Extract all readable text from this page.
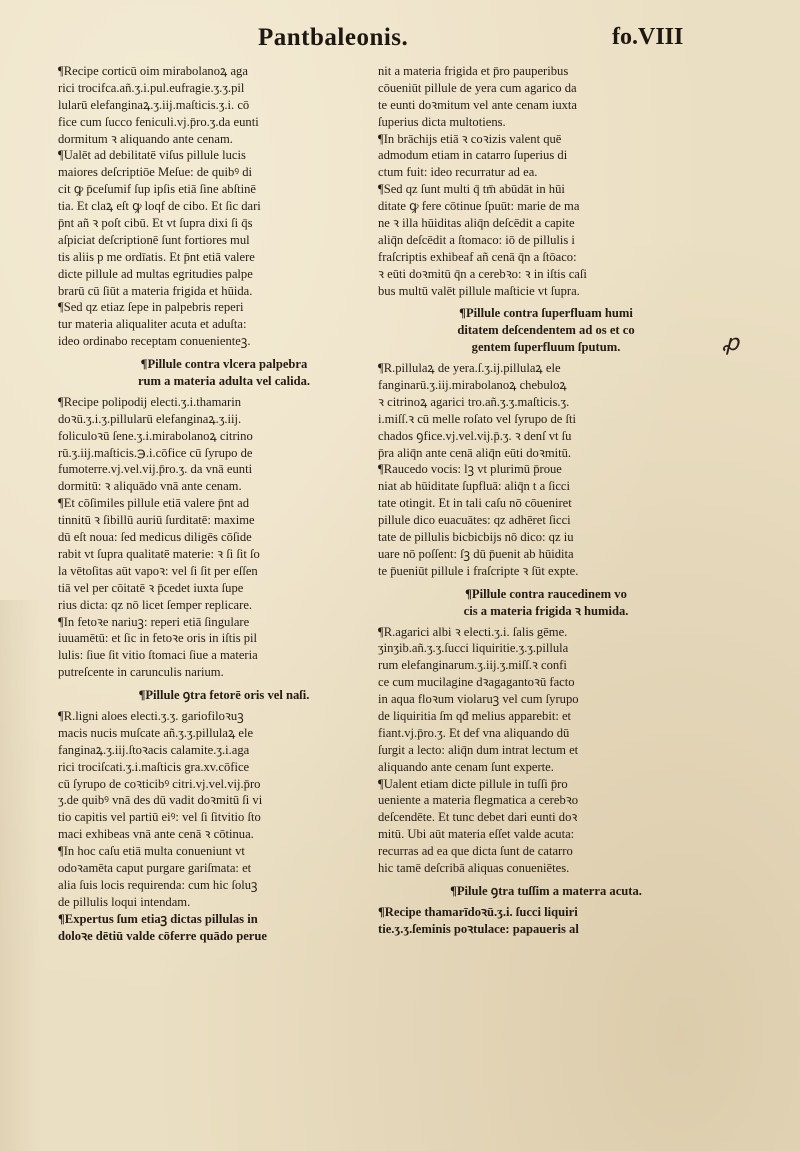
Pantbaleonis.	fo.VIII
ꝓ
¶Recipe corticū oim mirabolanoꝝ aga
rici trocifca.añ.ʒ.i.pul.eufragie.ʒ.ʒ.pil
lularū elefanginaꝝ.ʒ.iij.maſticis.ʒ.i. cō
fice cum ſucco feniculi.vj.p̄ro.ʒ.da eunti
dormitum ꝛ aliquando ante cenam.
¶Ualēt ad debilitatē viſus pillule lucis
maiores deſcriptiōe Meſue: de quibꝰ di
cit ꝙ p̄ceſumif ſup ipſis etiā ſine abſtinē
tia. Et claꝝ eſt ꝙ loqf de cibo. Et ſic dari
p̄nt añ ꝛ poſt cibū. Et vt ſupra dixi ſi q̄s
aſpiciat deſcriptionē ſunt fortiores mul
tis aliis p me ordīatis. Et p̄nt etiā valere
dicte pillule ad multas egritudies palpe
brarū cū ſiūt a materia frigida et hūida.
¶Sed qz etiaz ſepe in palpebris reperi
tur materia aliqualiter acuta et aduſta:
ideo ordinabo receptam conuenienteꝫ.
¶Pillule contra vlcera palpebra
rum a materia adulta vel calida.
¶Recipe polipodij electi.ʒ.i.thamarin
doꝛū.ʒ.i.ʒ.pillularū elefanginaꝝ.ʒ.iij.
foliculoꝛū ſene.ʒ.i.mirabolanoꝝ citrino
rū.ʒ.iij.maſticis.℈.i.cōfice cū ſyrupo de
fumoterre.vj.vel.vij.p̄ro.ʒ. da vnā eunti
dormitū: ꝛ aliquādo vnā ante cenam.
¶Et cōſimiles pillule etiā valere p̄nt ad
tinnitū ꝛ ſibillū auriū ſurditatē: maxime
dū eſt noua: ſed medicus diligēs cōſide
rabit vt ſupra qualitatē materie: ꝛ ſi ſit ſo
la vētoſitas aūt vapoꝛ: vel ſi ſit per eſſen
tiā vel per cōitatē ꝛ p̄cedet iuxta ſupe
rius dicta: qz nō licet ſemper replicare.
¶In fetoꝛe nariuꝫ: reperi etiā ſingulare
iuuamētū: et ſic in fetoꝛe oris in iſtis pil
lulis: ſiue ſit vitio ſtomaci ſiue a materia
putreſcente in carunculis narium.
¶Pillule ꝯtra fetorē oris vel naſi.
¶R.ligni aloes electi.ʒ.ʒ. gariofiloꝛuꝫ
macis nucis muſcate añ.ʒ.ʒ.pillulaꝝ ele
fanginaꝝ.ʒ.iij.ſtoꝛacis calamite.ʒ.i.aga
rici trociſcati.ʒ.i.maſticis gra.xv.cōfice
cū ſyrupo de coꝛticibꝰ citri.vj.vel.vij.p̄ro
ʒ.de quibꝰ vnā des dū vadit doꝛmitū ſi vi
tio capitis vel partiū eiꝰ: vel ſi ſitvitio ſto
maci exhibeas vnā ante cenā ꝛ cōtinua.
¶In hoc caſu etiā multa conueniunt vt
odoꝛamēta caput purgare gariſmata: et
alia ſuis locis requirenda: cum hic ſoluꝫ
de pillulis loqui intendam.
¶Expertus ſum etiaꝫ dictas pillulas in
doloꝛe dētiū valde cōferre quādo perue
nit a materia frigida et p̄ro pauperibus
cōueniūt pillule de yera cum agarico da
te eunti doꝛmitum vel ante cenam iuxta
ſuperius dicta multotiens.
¶In brāchijs etiā ꝛ coꝛizis valent quē
admodum etiam in catarro ſuperius di
ctum fuit: ideo recurratur ad ea.
¶Sed qz ſunt multi q̄ tm̄ abūdāt in hūi
ditate ꝙ fere cōtinue ſpuūt: marie de ma
ne ꝛ illa hūiditas aliq̄n deſcēdit a capite
aliq̄n deſcēdit a ſtomaco: iō de pillulis i
fraſcriptis exhibeaf añ cenā q̄n a ſtōaco:
ꝛ eūti doꝛmitū q̄n a cerebꝛo: ꝛ in iſtis caſi
bus multū valēt pillule maſticie vt ſupra.
¶Pillule contra ſuperfluam humi
ditatem deſcendentem ad os et co
gentem ſuperfluum ſputum.
¶R.pillulaꝝ de yera.ſ.ʒ.ij.pillulaꝝ ele
fanginarū.ʒ.iij.mirabolanoꝝ chebuloꝝ
ꝛ citrinoꝝ agarici tro.añ.ʒ.ʒ.maſticis.ʒ.
i.miſſ.ꝛ cū melle roſato vel ſyrupo de ſti
chados ꝯfice.vj.vel.vij.p̄.ʒ. ꝛ denſ vt ſu
p̄ra aliq̄n ante cenā aliq̄n eūti doꝛmitū.
¶Raucedo vocis: lꝫ vt plurimū p̄roue
niat ab hūiditate ſupfluā: aliq̄n t a ſicci
tate otingit. Et in tali caſu nō cōueniret
pillule dico euacuātes: qz adhēret ſicci
tate de pillulis bicbicbijs nō dico: qz iu
uare nō poſſent: ſꝫ dū p̄uenit ab hūidita
te p̄ueniūt pillule i fraſcripte ꝛ ſūt expte.
¶Pillule contra raucedinem vo
cis a materia frigida ꝛ humida.
¶R.agarici albi ꝛ electi.ʒ.i. ſalis gēme.
ʒinʒib.añ.ʒ.ʒ.ſucci liquiritie.ʒ.ʒ.pillula
rum elefanginarum.ʒ.iij.ʒ.miſſ.ꝛ confi
ce cum mucilagine dꝛagagantoꝛū facto
in aqua floꝛum violaruꝫ vel cum ſyrupo
de liquiritia ſm qđ melius apparebit: et
fiant.vj.p̄ro.ʒ. Et def vna aliquando dū
ſurgit a lecto: aliq̄n dum intrat lectum et
aliquando ante cenam ſunt experte.
¶Ualent etiam dicte pillule in tuſſi p̄ro
ueniente a materia flegmatica a cerebꝛo
deſcendēte. Et tunc debet dari eunti doꝛ
mitū. Ubi aūt materia eſſet valde acuta:
recurras ad ea que dicta ſunt de catarro
hic tamē deſcribā aliquas conueniētes.
¶Pilule ꝯtra tuſſim a materra acuta.
¶Recipe thamarīdoꝛū.ʒ.i. ſucci liquiri
tie.ʒ.ʒ.ſeminis poꝛtulace: papaueris al
